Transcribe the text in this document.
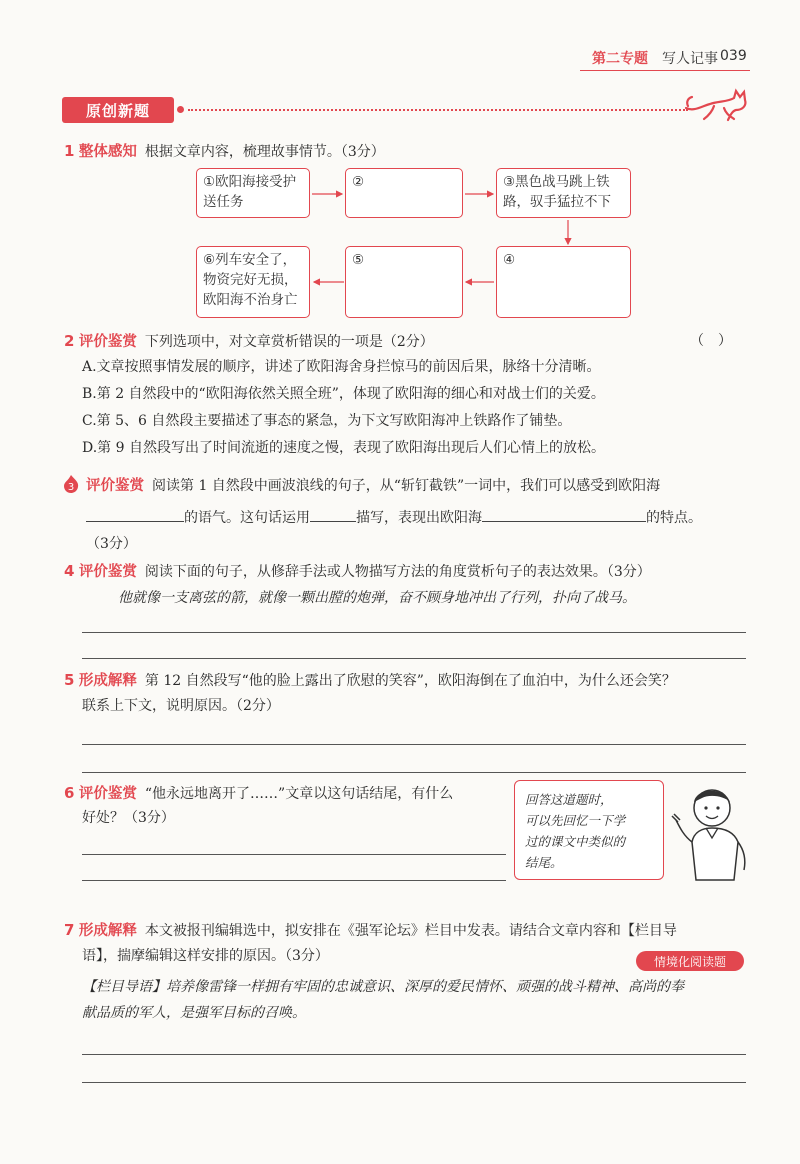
第二专题 写人记事 039
原创新题
1 整体感知 根据文章内容，梳理故事情节。（3分）
①欧阳海接受护送任务
②	③黑色战马跳上铁路，驭手猛拉不下
④
⑤
⑥列车安全了，物资完好无损，欧阳海不治身亡
2 评价鉴赏 下列选项中，对文章赏析错误的一项是（2分）	（　）
A.文章按照事情发展的顺序，讲述了欧阳海舍身拦惊马的前因后果，脉络十分清晰。
B.第 2 自然段中的“欧阳海依然关照全班”，体现了欧阳海的细心和对战士们的关爱。
C.第 5、6 自然段主要描述了事态的紧急，为下文写欧阳海冲上铁路作了铺垫。
D.第 9 自然段写出了时间流逝的速度之慢，表现了欧阳海出现后人们心情上的放松。
3 评价鉴赏 阅读第 1 自然段中画波浪线的句子，从“斩钉截铁”一词中，我们可以感受到欧阳海
的语气。这句话运用	描写，表现出欧阳海	的特点。
（3分）
4 评价鉴赏 阅读下面的句子，从修辞手法或人物描写方法的角度赏析句子的表达效果。（3分）
他就像一支离弦的箭，就像一颗出膛的炮弹，奋不顾身地冲出了行列，扑向了战马。
5 形成解释 第 12 自然段写“他的脸上露出了欣慰的笑容”，欧阳海倒在了血泊中，为什么还会笑？
联系上下文，说明原因。（2分）
6 评价鉴赏 “他永远地离开了……”文章以这句话结尾，有什么
好处？（3分）
回答这道题时，
可以先回忆一下学
过的课文中类似的
结尾。
7 形成解释 本文被报刊编辑选中，拟安排在《强军论坛》栏目中发表。请结合文章内容和【栏目导
语】，揣摩编辑这样安排的原因。（3分）	情境化阅读题
【栏目导语】培养像雷锋一样拥有牢固的忠诚意识、深厚的爱民情怀、顽强的战斗精神、高尚的奉
献品质的军人，是强军目标的召唤。
